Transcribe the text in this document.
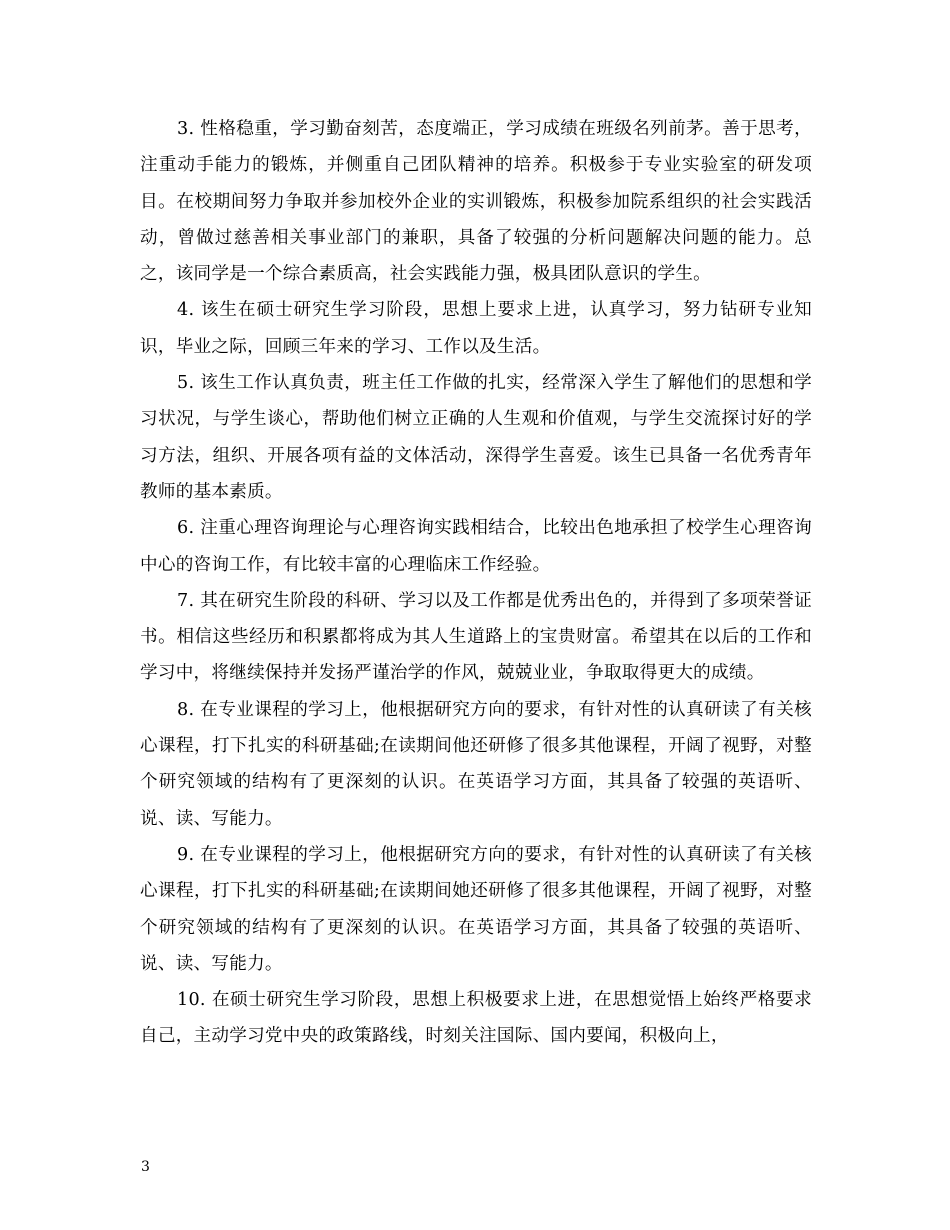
3. 性格稳重，学习勤奋刻苦，态度端正，学习成绩在班级名列前茅。善于思考，注重动手能力的锻炼，并侧重自己团队精神的培养。积极参于专业实验室的研发项目。在校期间努力争取并参加校外企业的实训锻炼，积极参加院系组织的社会实践活动，曾做过慈善相关事业部门的兼职，具备了较强的分析问题解决问题的能力。总之，该同学是一个综合素质高，社会实践能力强，极具团队意识的学生。

4. 该生在硕士研究生学习阶段，思想上要求上进，认真学习，努力钻研专业知识，毕业之际，回顾三年来的学习、工作以及生活。

5. 该生工作认真负责，班主任工作做的扎实，经常深入学生了解他们的思想和学习状况，与学生谈心，帮助他们树立正确的人生观和价值观，与学生交流探讨好的学习方法，组织、开展各项有益的文体活动，深得学生喜爱。该生已具备一名优秀青年教师的基本素质。

6. 注重心理咨询理论与心理咨询实践相结合，比较出色地承担了校学生心理咨询中心的咨询工作，有比较丰富的心理临床工作经验。

7. 其在研究生阶段的科研、学习以及工作都是优秀出色的，并得到了多项荣誉证书。相信这些经历和积累都将成为其人生道路上的宝贵财富。希望其在以后的工作和学习中，将继续保持并发扬严谨治学的作风，兢兢业业，争取取得更大的成绩。

8. 在专业课程的学习上，他根据研究方向的要求，有针对性的认真研读了有关核心课程，打下扎实的科研基础;在读期间他还研修了很多其他课程，开阔了视野，对整个研究领域的结构有了更深刻的认识。在英语学习方面，其具备了较强的英语听、说、读、写能力。

9. 在专业课程的学习上，他根据研究方向的要求，有针对性的认真研读了有关核心课程，打下扎实的科研基础;在读期间她还研修了很多其他课程，开阔了视野，对整个研究领域的结构有了更深刻的认识。在英语学习方面，其具备了较强的英语听、说、读、写能力。

10. 在硕士研究生学习阶段，思想上积极要求上进，在思想觉悟上始终严格要求自己，主动学习党中央的政策路线，时刻关注国际、国内要闻，积极向上，

3
